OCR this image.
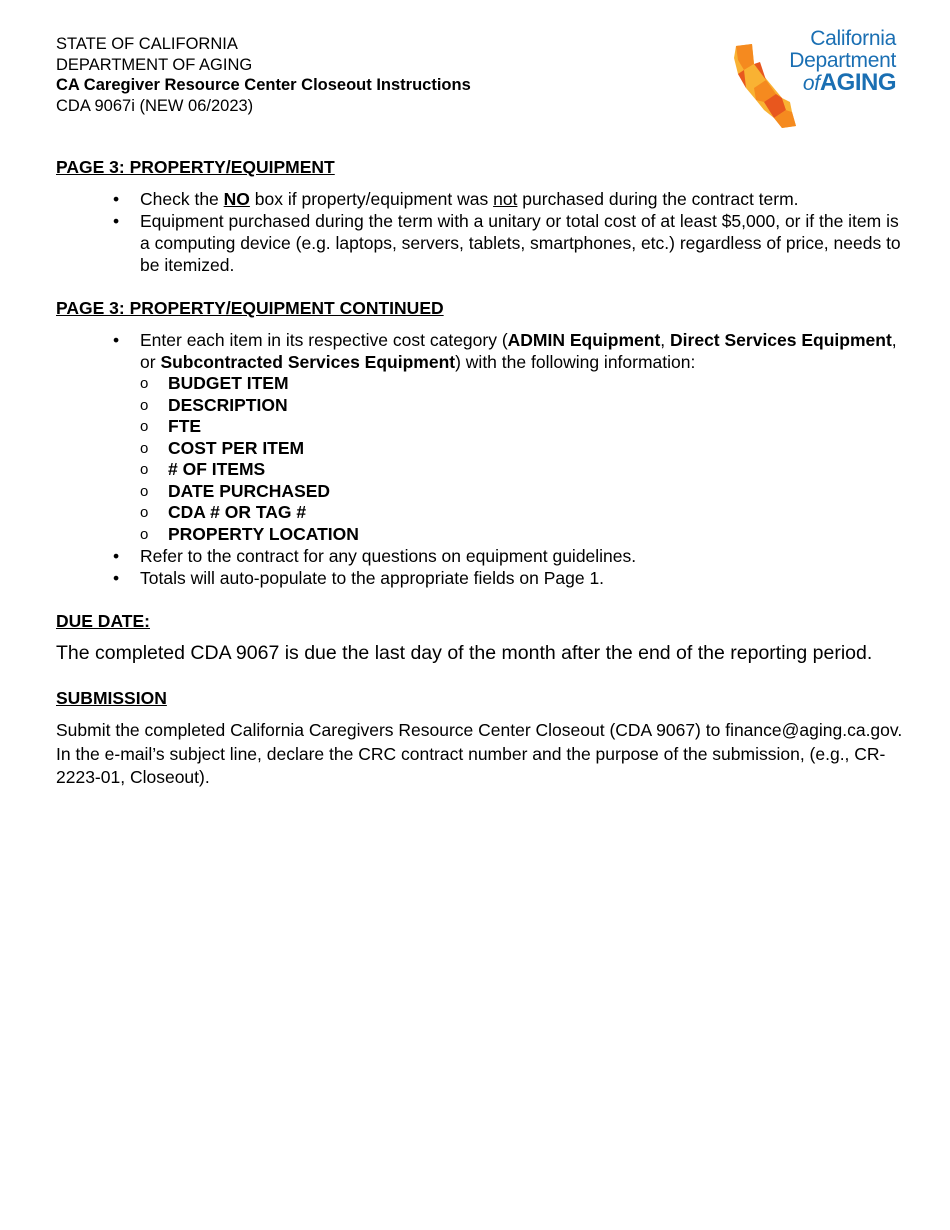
STATE OF CALIFORNIA
DEPARTMENT OF AGING
CA Caregiver Resource Center Closeout Instructions
CDA 9067i (NEW 06/2023)
California
Department
ofAGING
PAGE 3: PROPERTY/EQUIPMENT
• Check the NO box if property/equipment was not purchased during the contract term.
• Equipment purchased during the term with a unitary or total cost of at least $5,000, or if the item is a computing device (e.g. laptops, servers, tablets, smartphones, etc.) regardless of price, needs to be itemized.
PAGE 3: PROPERTY/EQUIPMENT CONTINUED
• Enter each item in its respective cost category (ADMIN Equipment, Direct Services Equipment, or Subcontracted Services Equipment) with the following information:
o BUDGET ITEM
o DESCRIPTION
o FTE
o COST PER ITEM
o # OF ITEMS
o DATE PURCHASED
o CDA # OR TAG #
o PROPERTY LOCATION
• Refer to the contract for any questions on equipment guidelines.
• Totals will auto-populate to the appropriate fields on Page 1.
DUE DATE:

The completed CDA 9067 is due the last day of the month after the end of the reporting period.

SUBMISSION

Submit the completed California Caregivers Resource Center Closeout (CDA 9067) to finance@aging.ca.gov. In the e-mail’s subject line, declare the CRC contract number and the purpose of the submission, (e.g., CR-2223-01, Closeout).
